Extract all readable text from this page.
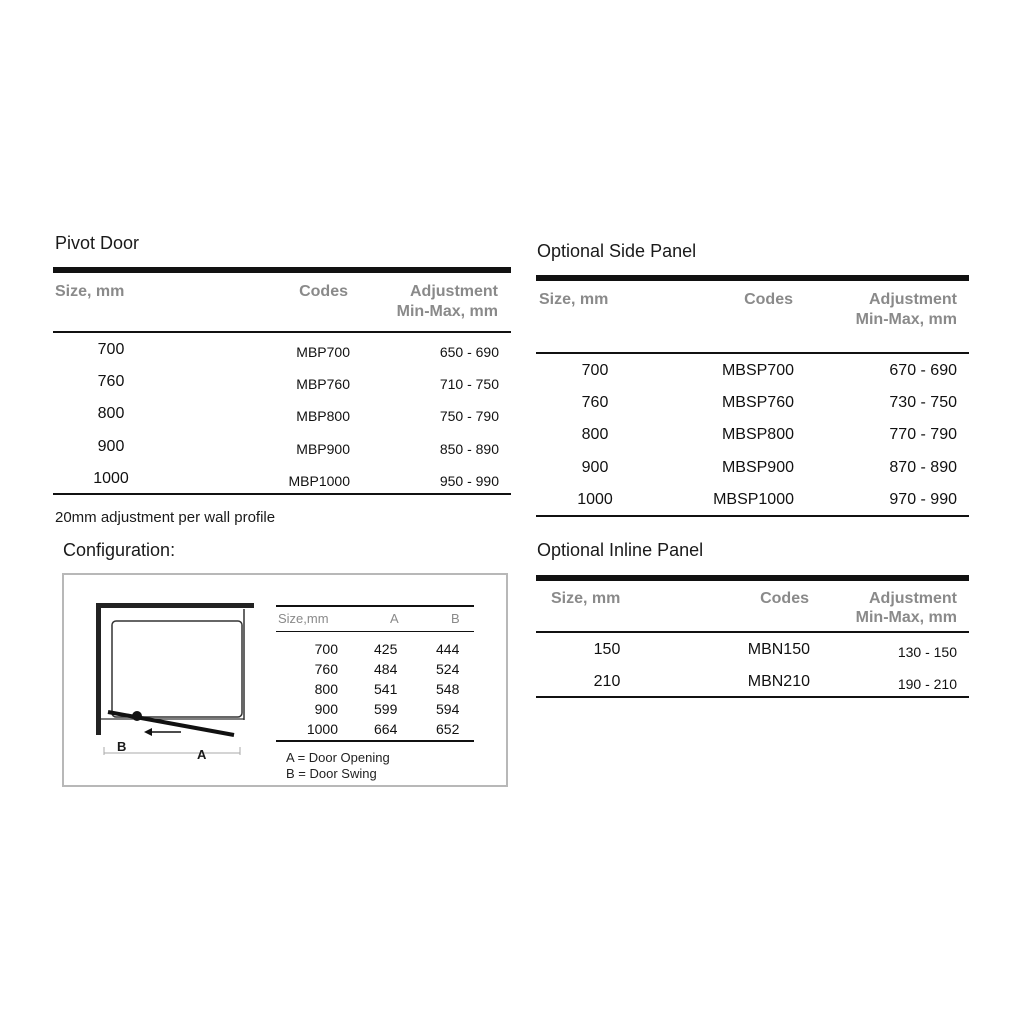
Pivot Door
Size, mm	Codes	Adjustment
Min-Max, mm
700	MBP700	650 - 690
760	MBP760	710 - 750
800	MBP800	750 - 790
900	MBP900	850 - 890
1000	MBP1000	950 - 990
20mm adjustment per wall profile
Optional Side Panel
Size, mm	Codes	Adjustment
Min-Max, mm
700	MBSP700	670 - 690
760	MBSP760	730 - 750
800	MBSP800	770 - 790
900	MBSP900	870 - 890
1000	MBSP1000	970 - 990
Optional Inline Panel
Size, mm	Codes	Adjustment
Min-Max, mm
150	MBN150	130 - 150
210	MBN210	190 - 210
Configuration:
B
A
Size,mm	A	B
700	425	444
760	484	524
800	541	548
900	599	594
1000	664	652
A = Door Opening
B = Door Swing
